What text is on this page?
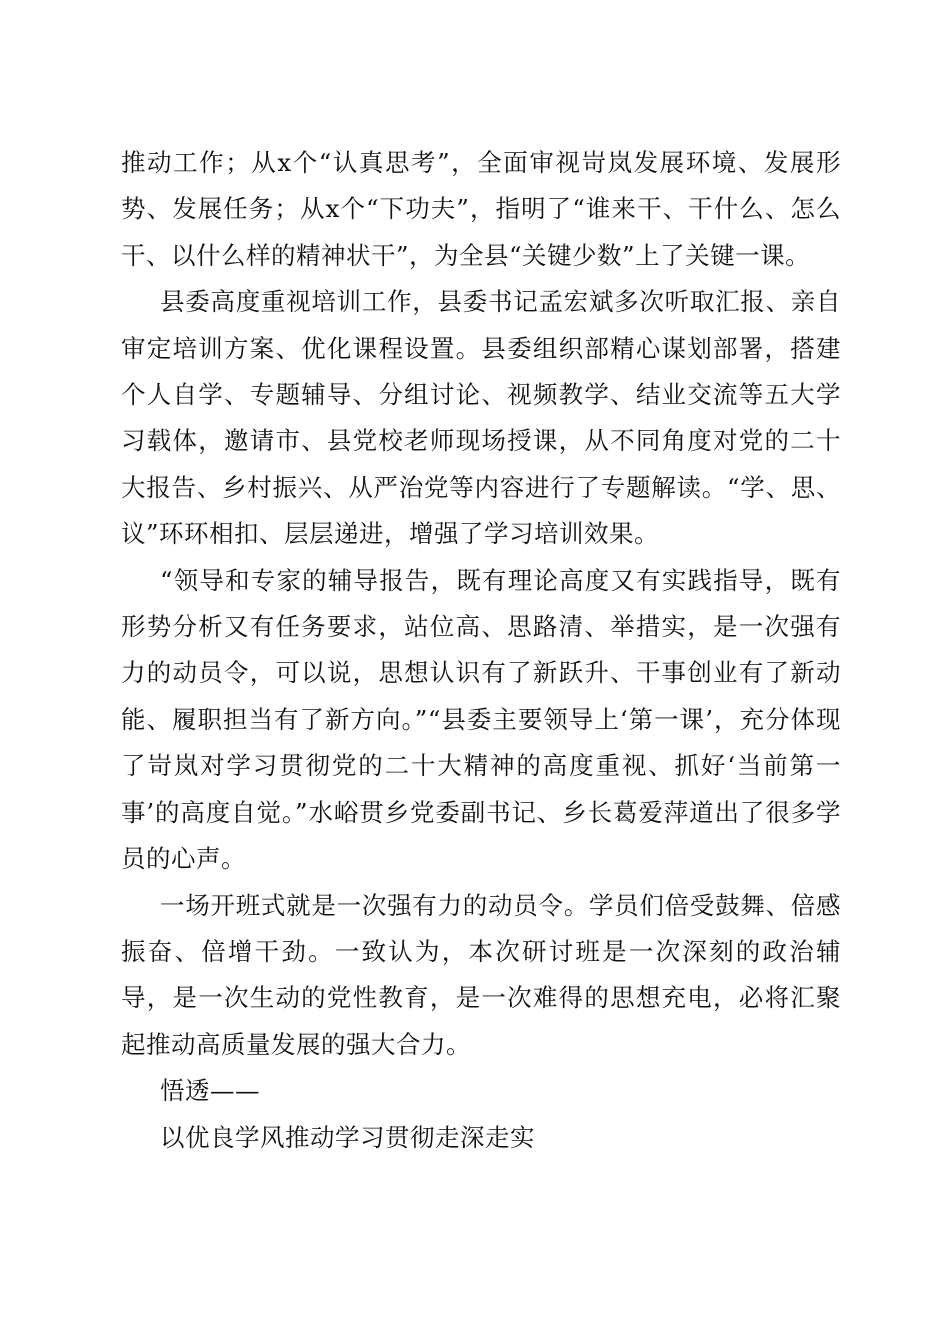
推动工作；从x个“认真思考”，全面审视岢岚发展环境、发展形势、发展任务；从x个“下功夫”，指明了“谁来干、干什么、怎么干、以什么样的精神状干”，为全县“关键少数”上了关键一课。

县委高度重视培训工作，县委书记孟宏斌多次听取汇报、亲自审定培训方案、优化课程设置。县委组织部精心谋划部署，搭建个人自学、专题辅导、分组讨论、视频教学、结业交流等五大学习载体，邀请市、县党校老师现场授课，从不同角度对党的二十大报告、乡村振兴、从严治党等内容进行了专题解读。“学、思、议”环环相扣、层层递进，增强了学习培训效果。

“领导和专家的辅导报告，既有理论高度又有实践指导，既有形势分析又有任务要求，站位高、思路清、举措实，是一次强有力的动员令，可以说，思想认识有了新跃升、干事创业有了新动能、履职担当有了新方向。”“县委主要领导上‘第一课’，充分体现了岢岚对学习贯彻党的二十大精神的高度重视、抓好‘当前第一事’的高度自觉。”水峪贯乡党委副书记、乡长葛爱萍道出了很多学员的心声。

一场开班式就是一次强有力的动员令。学员们倍受鼓舞、倍感振奋、倍增干劲。一致认为，本次研讨班是一次深刻的政治辅导，是一次生动的党性教育，是一次难得的思想充电，必将汇聚起推动高质量发展的强大合力。

悟透——

以优良学风推动学习贯彻走深走实
